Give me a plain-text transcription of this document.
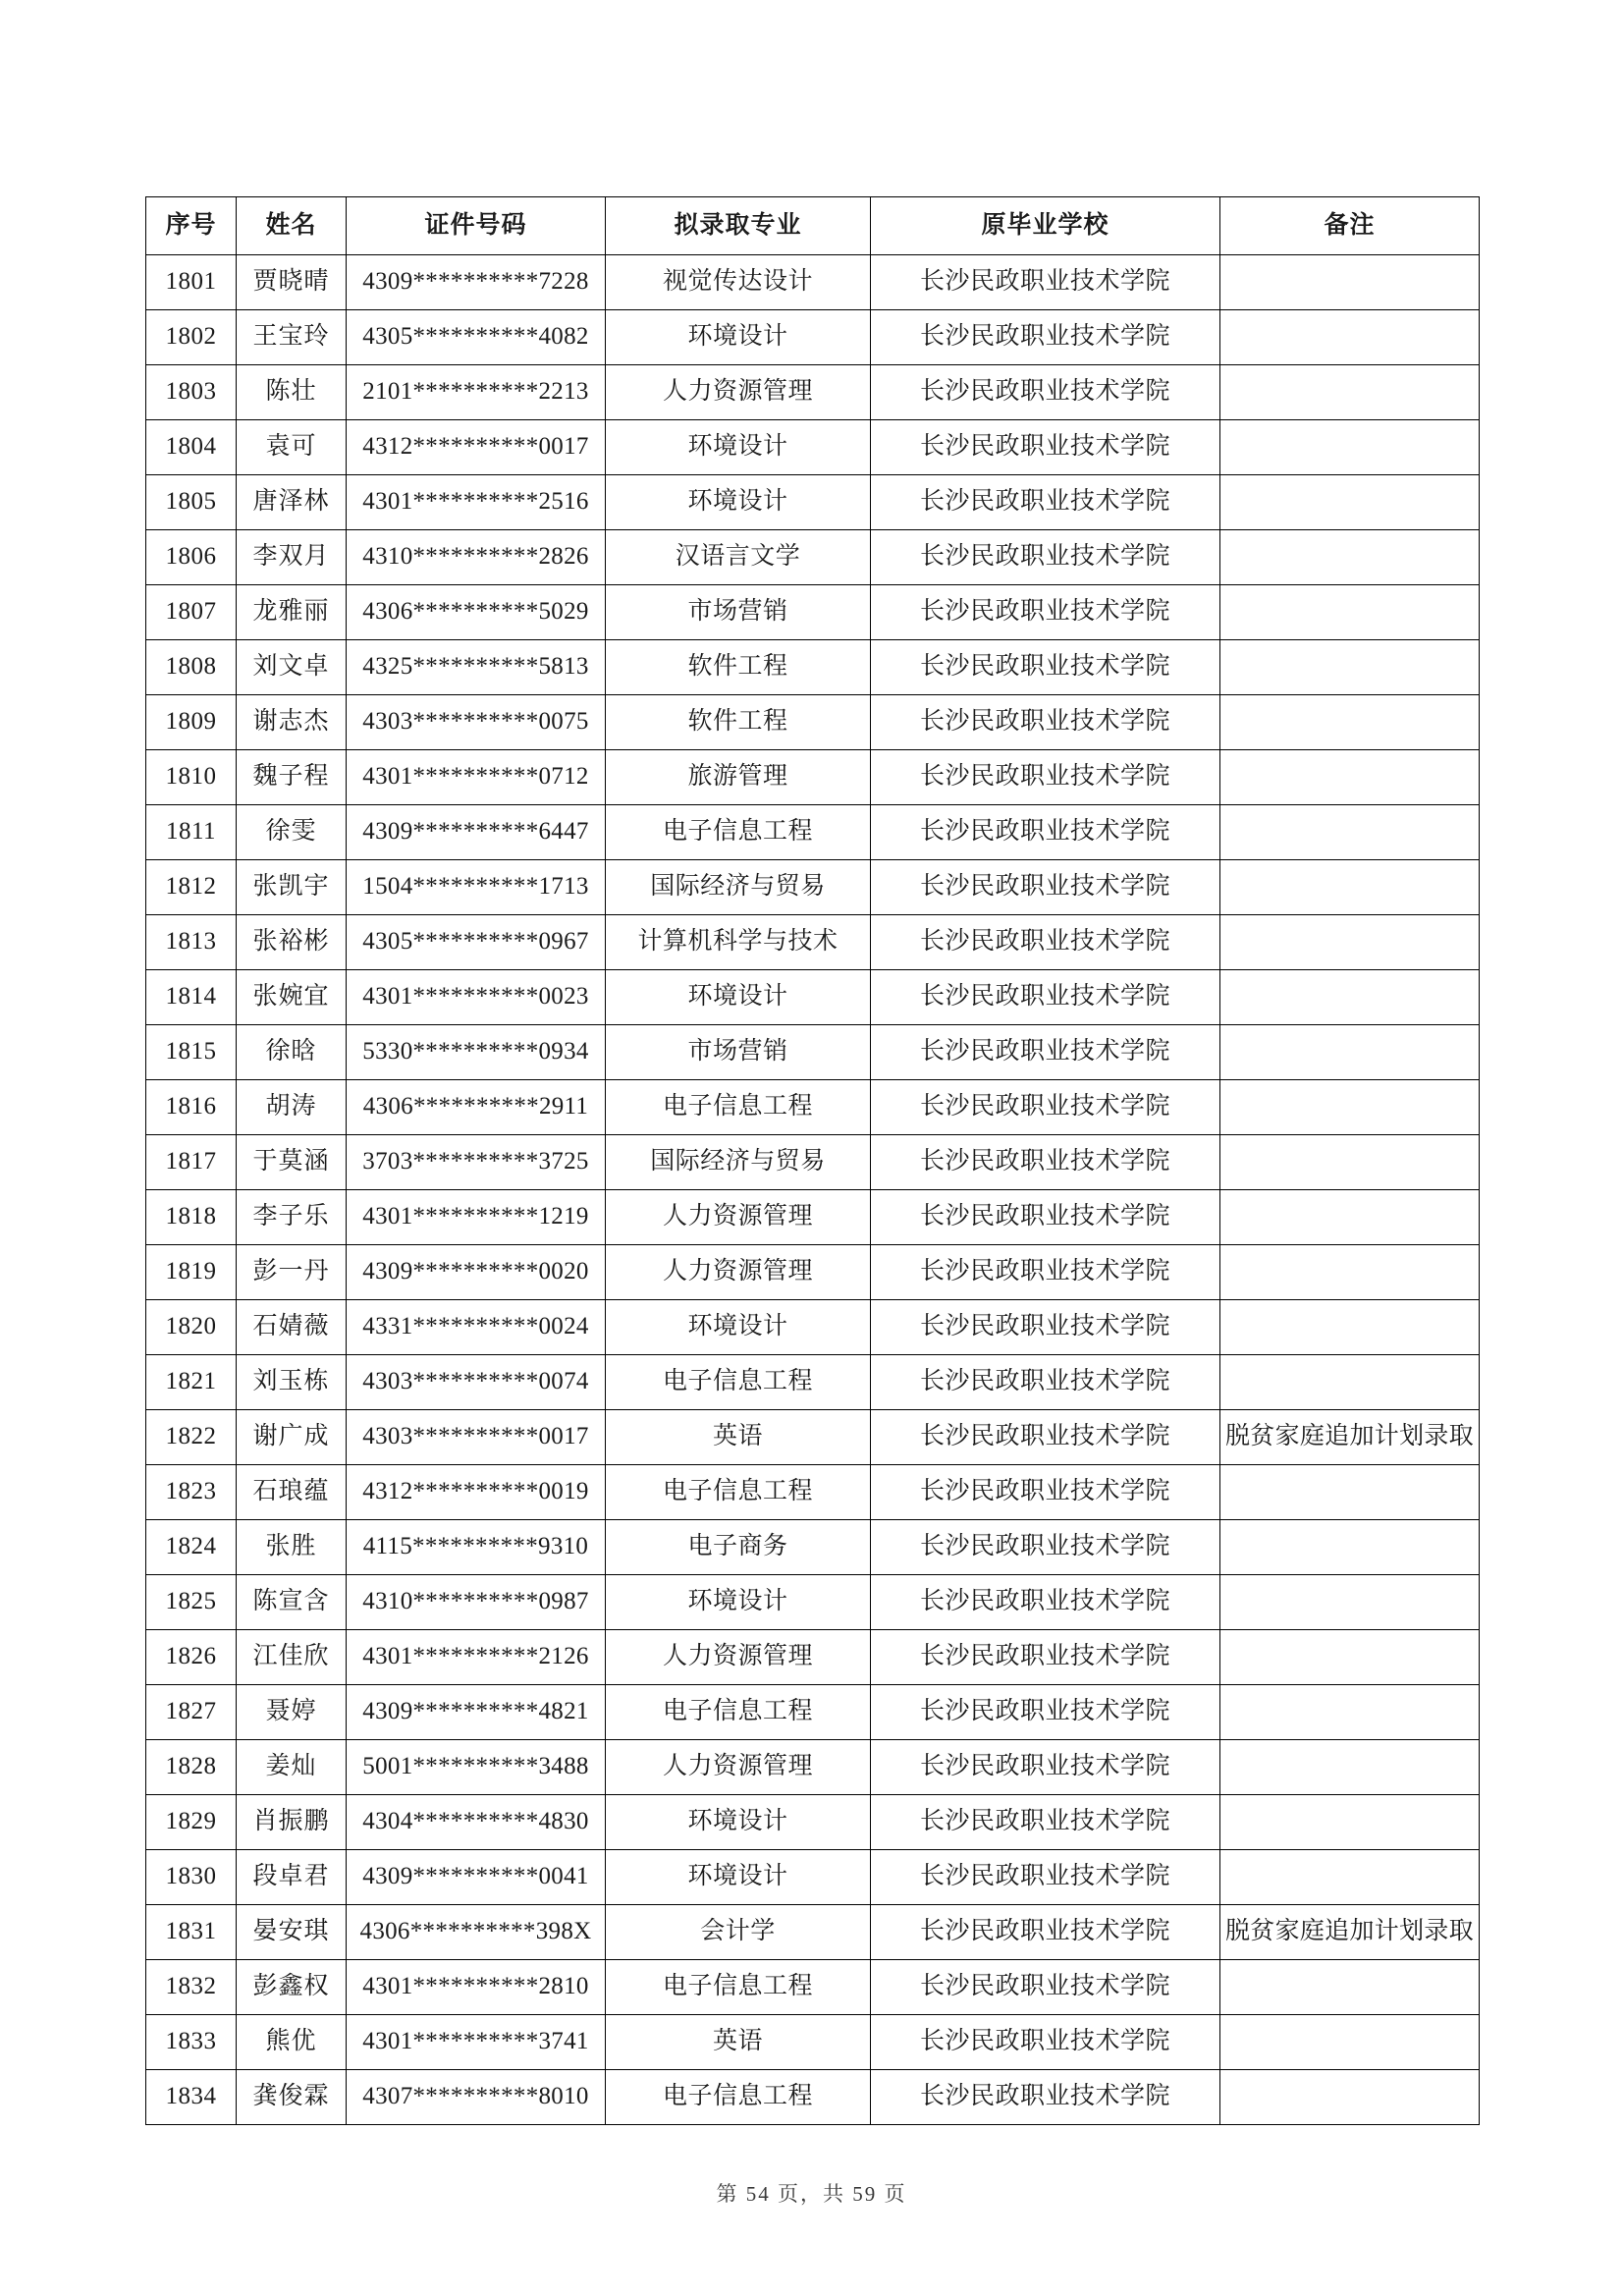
序号	姓名	证件号码	拟录取专业	原毕业学校	备注
1801	贾晓晴	4309**********7228	视觉传达设计	长沙民政职业技术学院	
1802	王宝玲	4305**********4082	环境设计	长沙民政职业技术学院	
1803	陈壮	2101**********2213	人力资源管理	长沙民政职业技术学院	
1804	袁可	4312**********0017	环境设计	长沙民政职业技术学院	
1805	唐泽林	4301**********2516	环境设计	长沙民政职业技术学院	
1806	李双月	4310**********2826	汉语言文学	长沙民政职业技术学院	
1807	龙雅丽	4306**********5029	市场营销	长沙民政职业技术学院	
1808	刘文卓	4325**********5813	软件工程	长沙民政职业技术学院	
1809	谢志杰	4303**********0075	软件工程	长沙民政职业技术学院	
1810	魏子程	4301**********0712	旅游管理	长沙民政职业技术学院	
1811	徐雯	4309**********6447	电子信息工程	长沙民政职业技术学院	
1812	张凯宇	1504**********1713	国际经济与贸易	长沙民政职业技术学院	
1813	张裕彬	4305**********0967	计算机科学与技术	长沙民政职业技术学院	
1814	张婉宜	4301**********0023	环境设计	长沙民政职业技术学院	
1815	徐晗	5330**********0934	市场营销	长沙民政职业技术学院	
1816	胡涛	4306**********2911	电子信息工程	长沙民政职业技术学院	
1817	于莫涵	3703**********3725	国际经济与贸易	长沙民政职业技术学院	
1818	李子乐	4301**********1219	人力资源管理	长沙民政职业技术学院	
1819	彭一丹	4309**********0020	人力资源管理	长沙民政职业技术学院	
1820	石婧薇	4331**********0024	环境设计	长沙民政职业技术学院	
1821	刘玉栋	4303**********0074	电子信息工程	长沙民政职业技术学院	
1822	谢广成	4303**********0017	英语	长沙民政职业技术学院	脱贫家庭追加计划录取
1823	石琅蕴	4312**********0019	电子信息工程	长沙民政职业技术学院	
1824	张胜	4115**********9310	电子商务	长沙民政职业技术学院	
1825	陈宣含	4310**********0987	环境设计	长沙民政职业技术学院	
1826	江佳欣	4301**********2126	人力资源管理	长沙民政职业技术学院	
1827	聂婷	4309**********4821	电子信息工程	长沙民政职业技术学院	
1828	姜灿	5001**********3488	人力资源管理	长沙民政职业技术学院	
1829	肖振鹏	4304**********4830	环境设计	长沙民政职业技术学院	
1830	段卓君	4309**********0041	环境设计	长沙民政职业技术学院	
1831	晏安琪	4306**********398X	会计学	长沙民政职业技术学院	脱贫家庭追加计划录取
1832	彭鑫权	4301**********2810	电子信息工程	长沙民政职业技术学院	
1833	熊优	4301**********3741	英语	长沙民政职业技术学院	
1834	龚俊霖	4307**********8010	电子信息工程	长沙民政职业技术学院	
第 54 页，共 59 页
